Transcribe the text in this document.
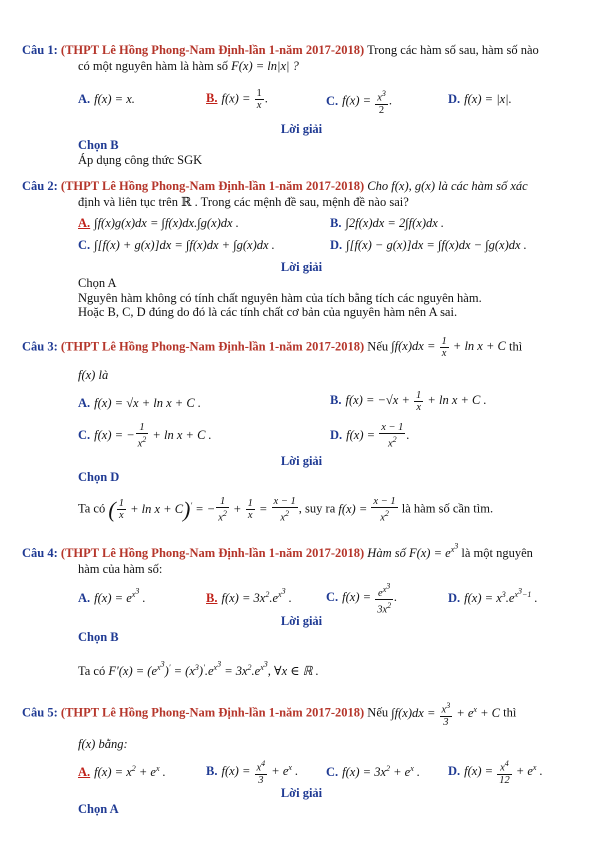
Câu 1: (THPT Lê Hồng Phong-Nam Định-lần 1-năm 2017-2018) Trong các hàm số sau, hàm số nào
có một nguyên hàm là hàm số F(x) = ln|x| ?
A. f(x) = x.	B. $f(x) = \frac{1}{x}$ .	C. $f(x) = \frac{x^3}{2}$ .	D. f(x) = |x|.
Lời giải
Chọn B
Áp dụng công thức SGK
Câu 2: (THPT Lê Hồng Phong-Nam Định-lần 1-năm 2017-2018) Cho f(x), g(x) là các hàm số xác
định và liên tục trên ℝ . Trong các mệnh đề sau, mệnh đề nào sai?
A. ∫f(x)g(x)dx = ∫f(x)dx.∫g(x)dx .	B. ∫2f(x)dx = 2∫f(x)dx .
C. ∫[f(x) + g(x)]dx = ∫f(x)dx + ∫g(x)dx .	D. ∫[f(x) − g(x)]dx = ∫f(x)dx − ∫g(x)dx .
Lời giải
Chọn A
Nguyên hàm không có tính chất nguyên hàm của tích bằng tích các nguyên hàm.
Hoặc B, C, D đúng do đó là các tính chất cơ bản của nguyên hàm nên A sai.
Câu 3: (THPT Lê Hồng Phong-Nam Định-lần 1-năm 2017-2018) Nếu $\int f(x)dx = \frac{1}{x} + \ln x + C$ thì
f(x) là
A. f(x) = √x + ln x + C .	B. $f(x) = -√x + \frac{1}{x} + \ln x + C$ .
C. f(x) = − $\frac{1}{x^2} + \ln x + C$ .	D. $f(x) = \frac{x - 1}{x^2}$ .
Lời giải
Chọn D
Ta có ( $\frac{1}{x} + \ln x + C)'$ = − $\frac{1}{x^2} + \frac{1}{x} = \frac{x - 1}{x^2}$ , suy ra $f(x) = \frac{x - 1}{x^2}$ là hàm số cần tìm.
Câu 4: (THPT Lê Hồng Phong-Nam Định-lần 1-năm 2017-2018) Hàm số $F(x) = e^{x^3}$ là một nguyên
hàm của hàm số:
A. $f(x) = e^{x^3}$ .	B. $f(x) = 3x^2.e^{x^3}$ .	C. $f(x) = \frac{e^{x^3}}{3x^2}$ .	D. $f(x) = x^3.e^{x^3-1}$ .
Lời giải
Chọn B
Ta có $F'(x) = (e^{x^3})' = (x^3)'.e^{x^3} = 3x^2.e^{x^3}$, ∀x ∈ ℝ .
Câu 5: (THPT Lê Hồng Phong-Nam Định-lần 1-năm 2017-2018) Nếu $\int f(x)dx = \frac{x^3}{3} + e^x + C$ thì
f(x) bằng:
A. $f(x) = x^2 + e^x$ .	B. $f(x) = \frac{x^4}{3} + e^x$ . C. $f(x) = 3x^2 + e^x$ . D. $f(x) = \frac{x^4}{12} + e^x$ .
Lời giải
Chọn A
